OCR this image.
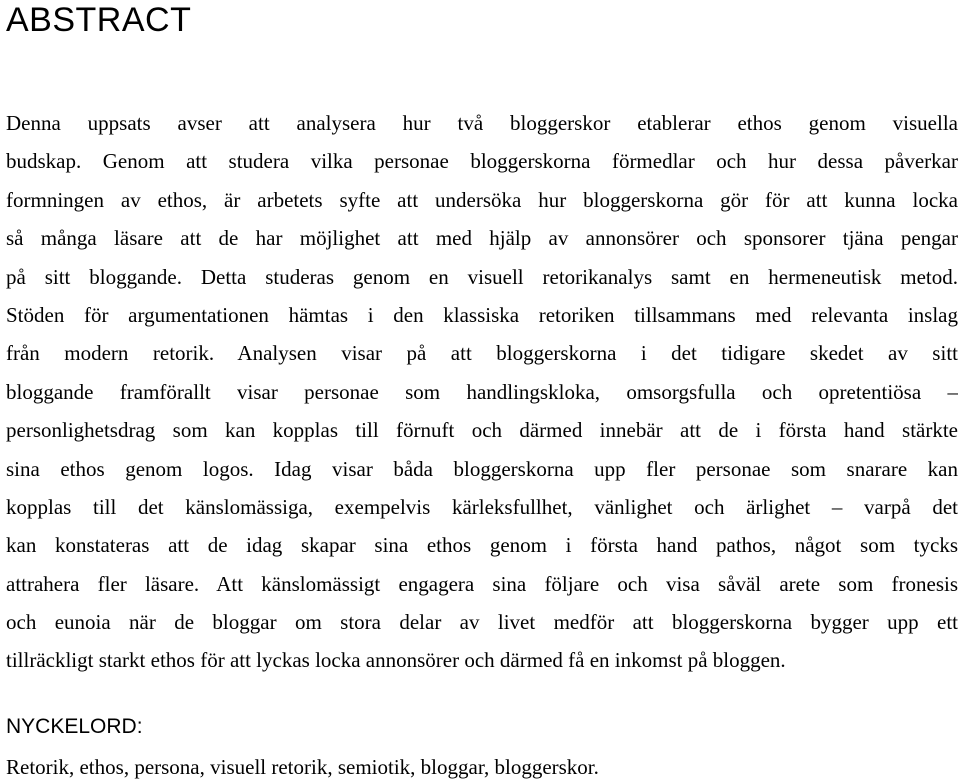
ABSTRACT
Denna uppsats avser att analysera hur två bloggerskor etablerar ethos genom visuella
budskap. Genom att studera vilka personae bloggerskorna förmedlar och hur dessa påverkar
formningen av ethos, är arbetets syfte att undersöka hur bloggerskorna gör för att kunna locka
så många läsare att de har möjlighet att med hjälp av annonsörer och sponsorer tjäna pengar
på sitt bloggande. Detta studeras genom en visuell retorikanalys samt en hermeneutisk metod.
Stöden för argumentationen hämtas i den klassiska retoriken tillsammans med relevanta inslag
från modern retorik. Analysen visar på att bloggerskorna i det tidigare skedet av sitt
bloggande framförallt visar personae som handlingskloka, omsorgsfulla och opretentiösa –
personlighetsdrag som kan kopplas till förnuft och därmed innebär att de i första hand stärkte
sina ethos genom logos. Idag visar båda bloggerskorna upp fler personae som snarare kan
kopplas till det känslomässiga, exempelvis kärleksfullhet, vänlighet och ärlighet – varpå det
kan konstateras att de idag skapar sina ethos genom i första hand pathos, något som tycks
attrahera fler läsare. Att känslomässigt engagera sina följare och visa såväl arete som fronesis
och eunoia när de bloggar om stora delar av livet medför att bloggerskorna bygger upp ett
tillräckligt starkt ethos för att lyckas locka annonsörer och därmed få en inkomst på bloggen.
NYCKELORD:

Retorik, ethos, persona, visuell retorik, semiotik, bloggar, bloggerskor.
